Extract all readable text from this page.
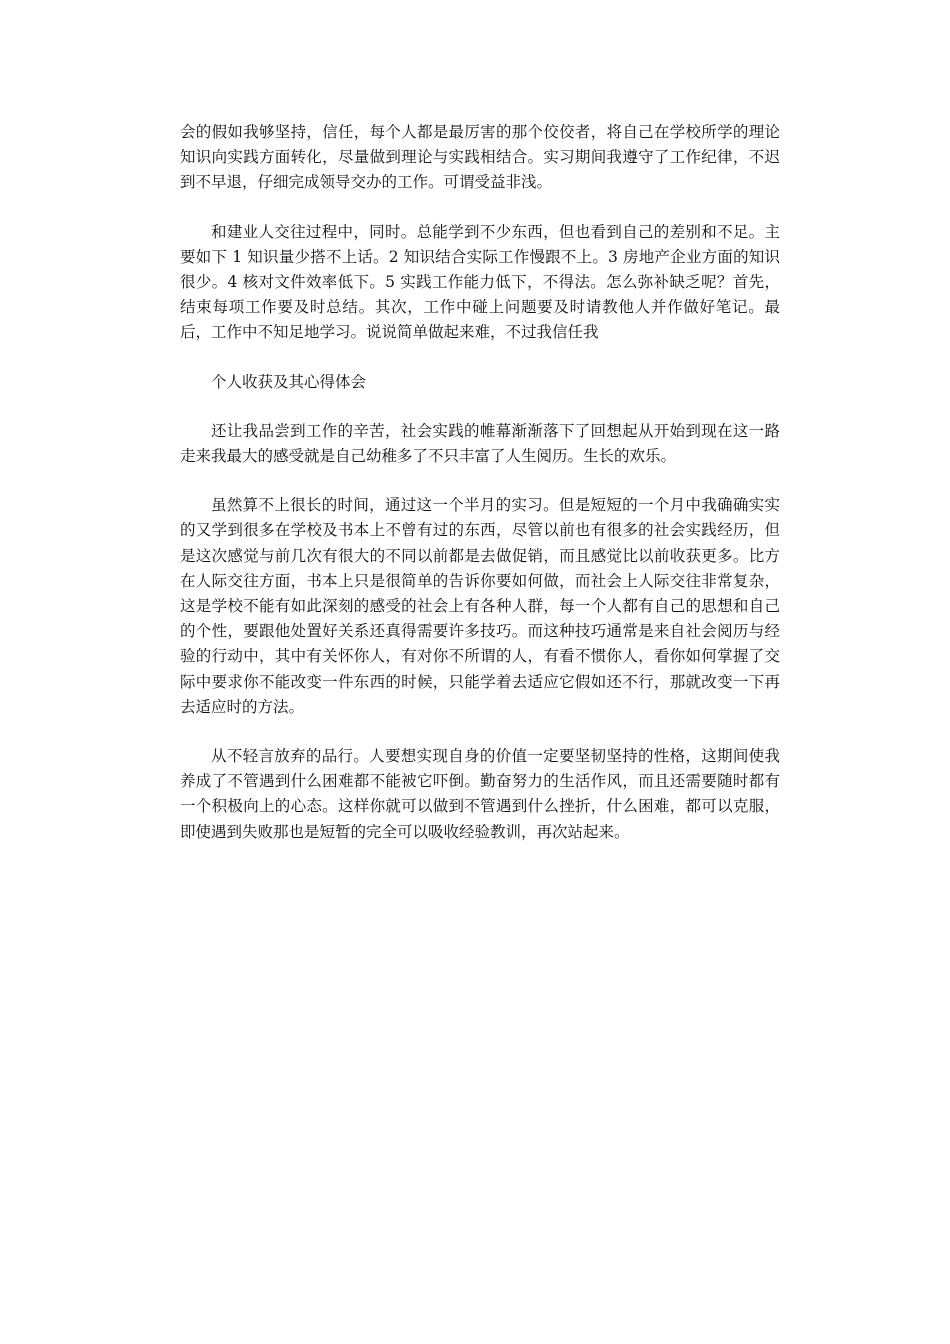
会的假如我够坚持，信任，每个人都是最厉害的那个佼佼者，将自己在学校所学的理论知识向实践方面转化，尽量做到理论与实践相结合。实习期间我遵守了工作纪律，不迟到不早退，仔细完成领导交办的工作。可谓受益非浅。

和建业人交往过程中，同时。总能学到不少东西，但也看到自己的差别和不足。主要如下 1 知识量少搭不上话。2 知识结合实际工作慢跟不上。3 房地产企业方面的知识很少。4 核对文件效率低下。5 实践工作能力低下，不得法。怎么弥补缺乏呢？首先，结束每项工作要及时总结。其次，工作中碰上问题要及时请教他人并作做好笔记。最后，工作中不知足地学习。说说简单做起来难，不过我信任我

个人收获及其心得体会

还让我品尝到工作的辛苦，社会实践的帷幕渐渐落下了回想起从开始到现在这一路走来我最大的感受就是自己幼稚多了不只丰富了人生阅历。生长的欢乐。

虽然算不上很长的时间，通过这一个半月的实习。但是短短的一个月中我确确实实的又学到很多在学校及书本上不曾有过的东西，尽管以前也有很多的社会实践经历，但是这次感觉与前几次有很大的不同以前都是去做促销，而且感觉比以前收获更多。比方在人际交往方面，书本上只是很简单的告诉你要如何做，而社会上人际交往非常复杂，这是学校不能有如此深刻的感受的社会上有各种人群，每一个人都有自己的思想和自己的个性，要跟他处置好关系还真得需要许多技巧。而这种技巧通常是来自社会阅历与经验的行动中，其中有关怀你人，有对你不所谓的人，有看不惯你人，看你如何掌握了交际中要求你不能改变一件东西的时候，只能学着去适应它假如还不行，那就改变一下再去适应时的方法。

从不轻言放弃的品行。人要想实现自身的价值一定要坚韧坚持的性格，这期间使我养成了不管遇到什么困难都不能被它吓倒。勤奋努力的生活作风，而且还需要随时都有一个积极向上的心态。这样你就可以做到不管遇到什么挫折，什么困难，都可以克服，即使遇到失败那也是短暂的完全可以吸收经验教训，再次站起来。
